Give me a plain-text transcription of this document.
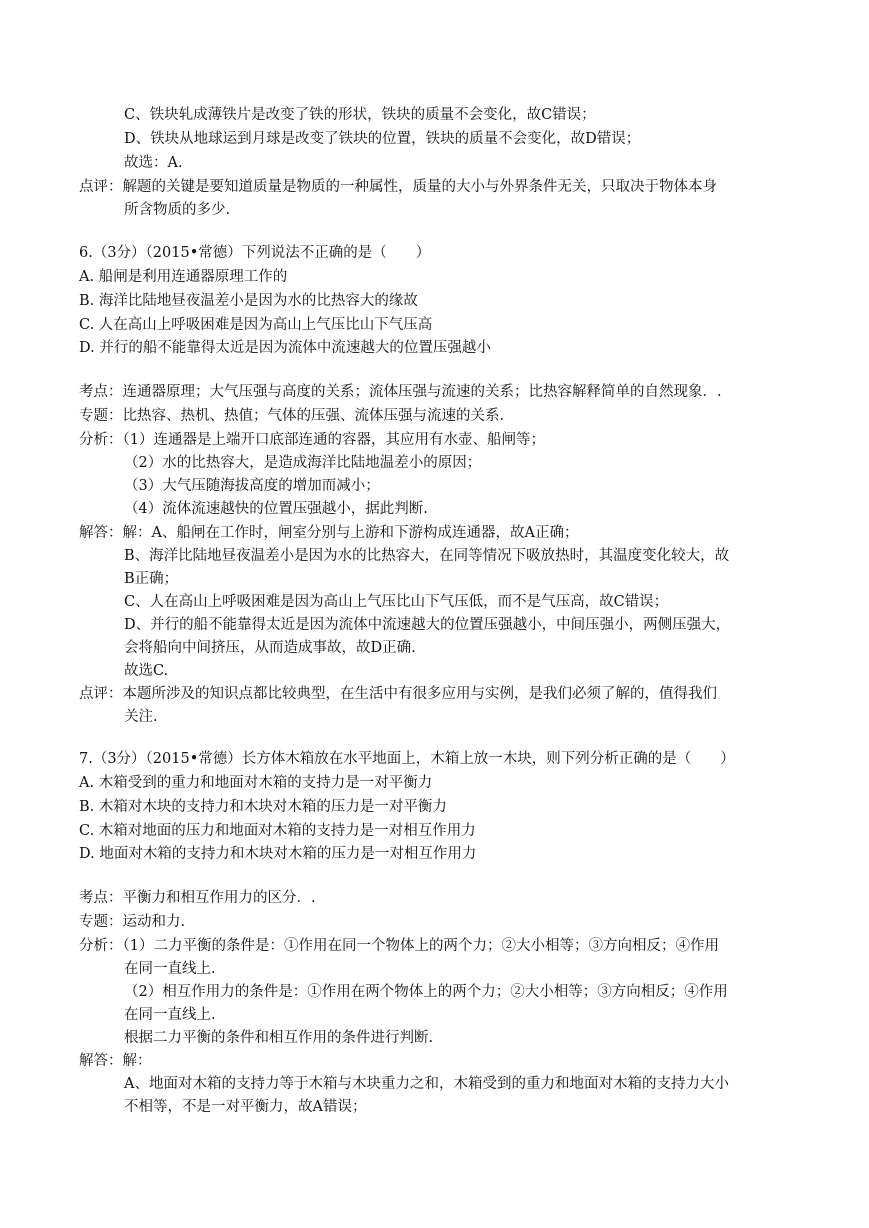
C、铁块轧成薄铁片是改变了铁的形状，铁块的质量不会变化，故C错误；
D、铁块从地球运到月球是改变了铁块的位置，铁块的质量不会变化，故D错误；
故选：A.
点评：解题的关键是要知道质量是物质的一种属性，质量的大小与外界条件无关，只取决于物体本身
所含物质的多少.
6.（3分）（2015•常德）下列说法不正确的是（　　）
A. 船闸是利用连通器原理工作的
B. 海洋比陆地昼夜温差小是因为水的比热容大的缘故
C. 人在高山上呼吸困难是因为高山上气压比山下气压高
D. 并行的船不能靠得太近是因为流体中流速越大的位置压强越小
考点：连通器原理；大气压强与高度的关系；流体压强与流速的关系；比热容解释简单的自然现象．.
专题：比热容、热机、热值；气体的压强、流体压强与流速的关系.
分析：（1）连通器是上端开口底部连通的容器，其应用有水壶、船闸等；
（2）水的比热容大，是造成海洋比陆地温差小的原因；
（3）大气压随海拔高度的增加而减小；
（4）流体流速越快的位置压强越小，据此判断.
解答：解：A、船闸在工作时，闸室分别与上游和下游构成连通器，故A正确；
B、海洋比陆地昼夜温差小是因为水的比热容大，在同等情况下吸放热时，其温度变化较大，故
B正确；
C、人在高山上呼吸困难是因为高山上气压比山下气压低，而不是气压高，故C错误；
D、并行的船不能靠得太近是因为流体中流速越大的位置压强越小，中间压强小，两侧压强大，
会将船向中间挤压，从而造成事故，故D正确.
故选C.
点评：本题所涉及的知识点都比较典型，在生活中有很多应用与实例，是我们必须了解的，值得我们
关注.
7.（3分）（2015•常德）长方体木箱放在水平地面上，木箱上放一木块，则下列分析正确的是（　　）
A. 木箱受到的重力和地面对木箱的支持力是一对平衡力
B. 木箱对木块的支持力和木块对木箱的压力是一对平衡力
C. 木箱对地面的压力和地面对木箱的支持力是一对相互作用力
D. 地面对木箱的支持力和木块对木箱的压力是一对相互作用力
考点：平衡力和相互作用力的区分．.
专题：运动和力.
分析：（1）二力平衡的条件是：①作用在同一个物体上的两个力；②大小相等；③方向相反；④作用
在同一直线上.
（2）相互作用力的条件是：①作用在两个物体上的两个力；②大小相等；③方向相反；④作用
在同一直线上.
根据二力平衡的条件和相互作用的条件进行判断.
解答：解：
A、地面对木箱的支持力等于木箱与木块重力之和，木箱受到的重力和地面对木箱的支持力大小
不相等，不是一对平衡力，故A错误；
